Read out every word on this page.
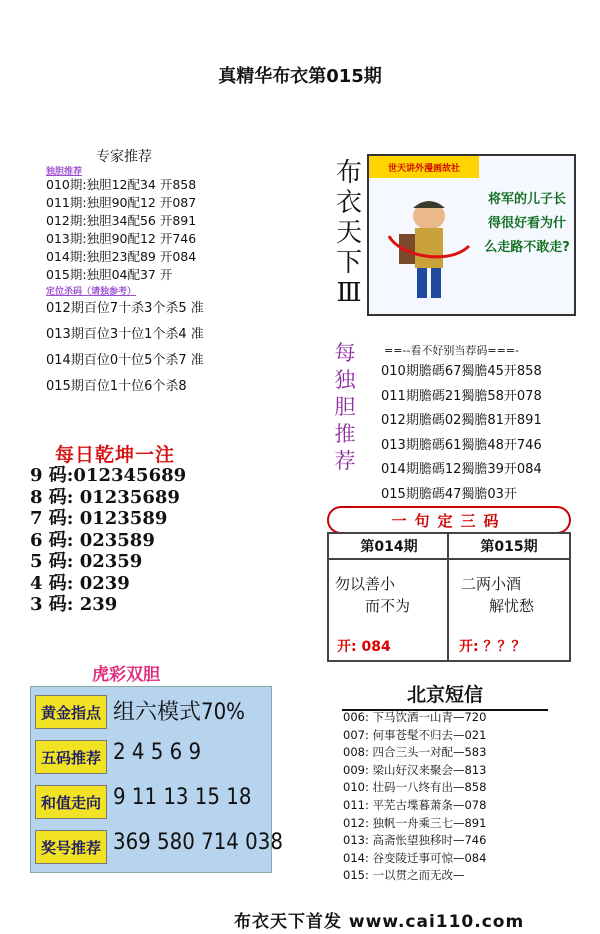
真精华布衣第015期
专家推荐
独胆推荐
010期:独胆12配34 开858
011期:独胆90配12 开087
012期:独胆34配56 开891
013期:独胆90配12 开746
014期:独胆23配89 开084
015期:独胆04配37 开
定位杀码（请独参考）
012期百位7十杀3个杀5 准
013期百位3十位1个杀4 准
014期百位0十位5个杀7 准
015期百位1十位6个杀8
每日乾坤一注
9 码:012345689
8 码: 01235689
7 码: 0123589
6 码: 023589
5 码: 02359
4 码: 0239
3 码: 239
虎彩双胆
黄金指点 组六模式70%
五码推荐 2 4 5 6 9
和值走向 9 11 13 15 18
奖号推荐 369 580 714 038
布衣天下Ⅲ
世天讲外漫画故社
将军的儿子长得很好看为什么走路不敢走?
每独胆推荐
==--看不好别当荐码===-
010期膽碼67獨膽45开858
011期膽碼21獨膽58开078
012期膽碼02獨膽81开891
013期膽碼61獨膽48开746
014期膽碼12獨膽39开084
015期膽碼47獨膽03开
一句定三码
第014期	第015期
勿以善小
而不为
二两小酒
解忧愁
开: 084	开: ？？？
北京短信
006: 下马饮酒一山青—720
007: 何事苍髦不归去—021
008: 四合三头一对配—583
009: 梁山好汉来聚会—813
010: 壮码一八终有出—858
011: 平芜古堞暮萧条—078
012: 独帆一舟乘三七—891
013: 高斋怅望独移时—746
014: 谷变陵迁事可惊—084
015: 一以贯之而无改—
布衣天下首发 www.cai110.com
